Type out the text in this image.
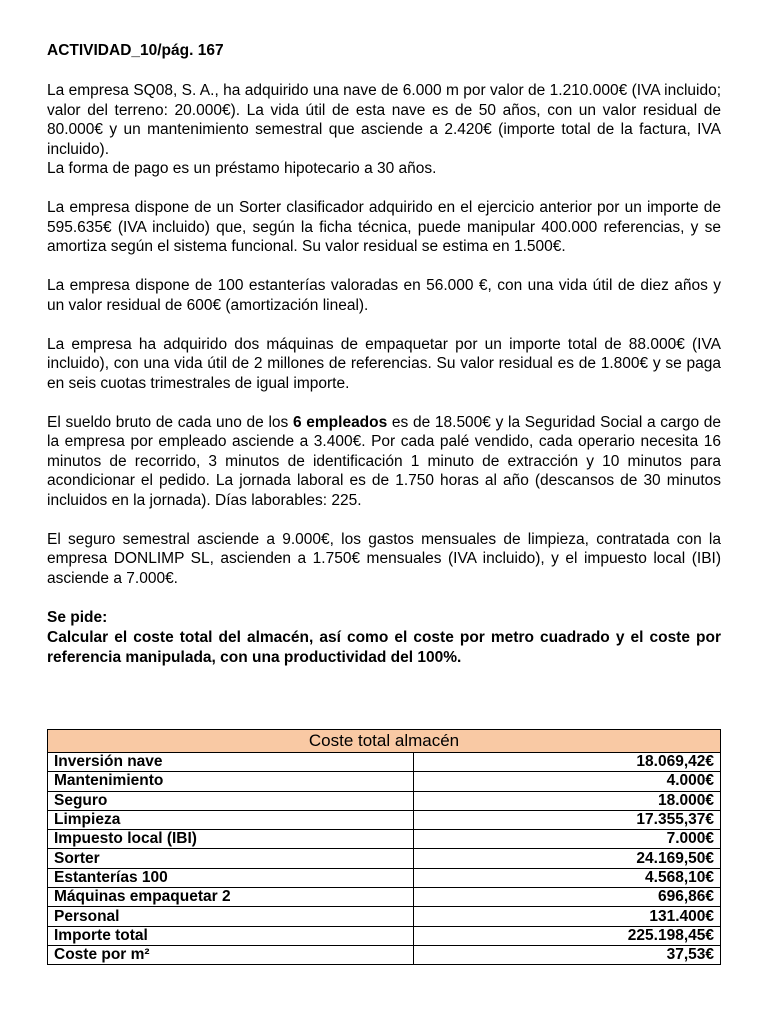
ACTIVIDAD_10/pág. 167

La empresa SQ08, S. A., ha adquirido una nave de 6.000 m por valor de 1.210.000€ (IVA incluido; valor del terreno: 20.000€). La vida útil de esta nave es de 50 años, con un valor residual de 80.000€ y un mantenimiento semestral que asciende a 2.420€ (importe total de la factura, IVA incluido).

La forma de pago es un préstamo hipotecario a 30 años.

La empresa dispone de un Sorter clasificador adquirido en el ejercicio anterior por un importe de 595.635€ (IVA incluido) que, según la ficha técnica, puede manipular 400.000 referencias, y se amortiza según el sistema funcional. Su valor residual se estima en 1.500€.

La empresa dispone de 100 estanterías valoradas en 56.000 €, con una vida útil de diez años y un valor residual de 600€ (amortización lineal).

La empresa ha adquirido dos máquinas de empaquetar por un importe total de 88.000€ (IVA incluido), con una vida útil de 2 millones de referencias. Su valor residual es de 1.800€ y se paga en seis cuotas trimestrales de igual importe.

El sueldo bruto de cada uno de los 6 empleados es de 18.500€ y la Seguridad Social a cargo de la empresa por empleado asciende a 3.400€. Por cada palé vendido, cada operario necesita 16 minutos de recorrido, 3 minutos de identificación 1 minuto de extracción y 10 minutos para acondicionar el pedido. La jornada laboral es de 1.750 horas al año (descansos de 30 minutos incluidos en la jornada). Días laborables: 225.

El seguro semestral asciende a 9.000€, los gastos mensuales de limpieza, contratada con la empresa DONLIMP SL, ascienden a 1.750€ mensuales (IVA incluido), y el impuesto local (IBI) asciende a 7.000€.

Se pide:
Calcular el coste total del almacén, así como el coste por metro cuadrado y el coste por referencia manipulada, con una productividad del 100%.
Coste total almacén	
Inversión nave	18.069,42€
Mantenimiento	4.000€
Seguro	18.000€
Limpieza	17.355,37€
Impuesto local (IBI)	7.000€
Sorter	24.169,50€
Estanterías 100	4.568,10€
Máquinas empaquetar 2	696,86€
Personal	131.400€
Importe total	225.198,45€
Coste por m²	37,53€
